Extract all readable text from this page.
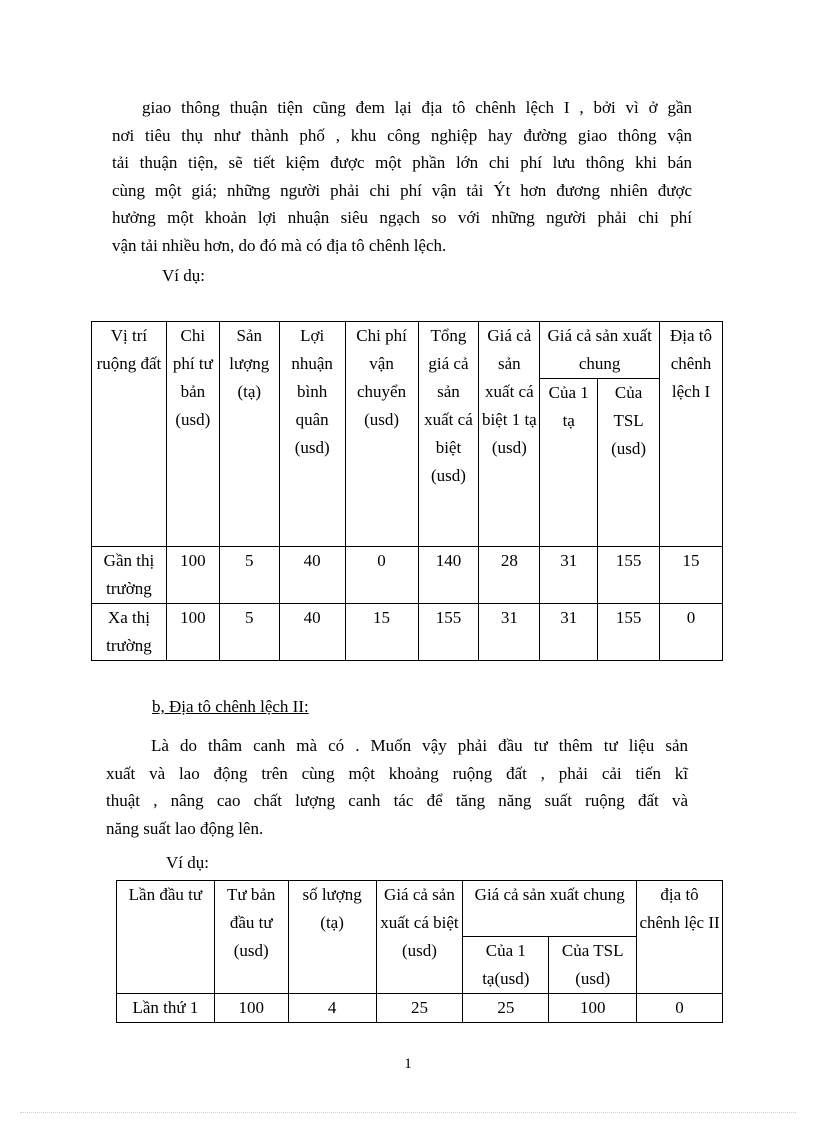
giao thông thuận tiện cũng đem lại địa tô chênh lệch I , bởi vì ở gần
nơi tiêu thụ như thành phố , khu công nghiệp hay đường giao thông vận
tải thuận tiện, sẽ tiết kiệm được một phần lớn chi phí lưu thông khi bán
cùng một giá; những người phải chi phí vận tải Ýt hơn đương nhiên được
hưởng một khoản lợi nhuận siêu ngạch so với những người phải chi phí
vận tải nhiều hơn, do đó mà có địa tô chênh lệch.

Ví dụ:

Vị trí ruộng đất	Chi phí tư bản (usd)	Sản lượng (tạ)	Lợi nhuận bình quân (usd)	Chi phí vận chuyển (usd)	Tổng giá cả sản xuất cá biệt (usd)	Giá cả sản xuất cá biệt 1 tạ (usd)	Giá cả sản xuất chung		Địa tô chênh lệch I
							Của 1 tạ	Của TSL (usd)	
Gần thị trường	100	5	40	0	140	28	31	155	15
Xa thị trường	100	5	40	15	155	31	31	155	0

b, Địa tô chênh lệch II:

Là do thâm canh mà có . Muốn vậy phải đầu tư thêm tư liệu sản
xuất và lao động trên cùng một khoảng ruộng đất , phải cải tiến kĩ
thuật , nâng cao chất lượng canh tác để tăng năng suất ruộng đất và
năng suất lao động lên.

Ví dụ:

Lần đầu tư	Tư bản đầu tư (usd)	số lượng (tạ)	Giá cả sản xuất cá biệt (usd)	Giá cả sản xuất chung		địa tô chênh lệc II
				Của 1 tạ(usd)	Của TSL (usd)	
Lần thứ 1	100	4	25	25	100	0

1
